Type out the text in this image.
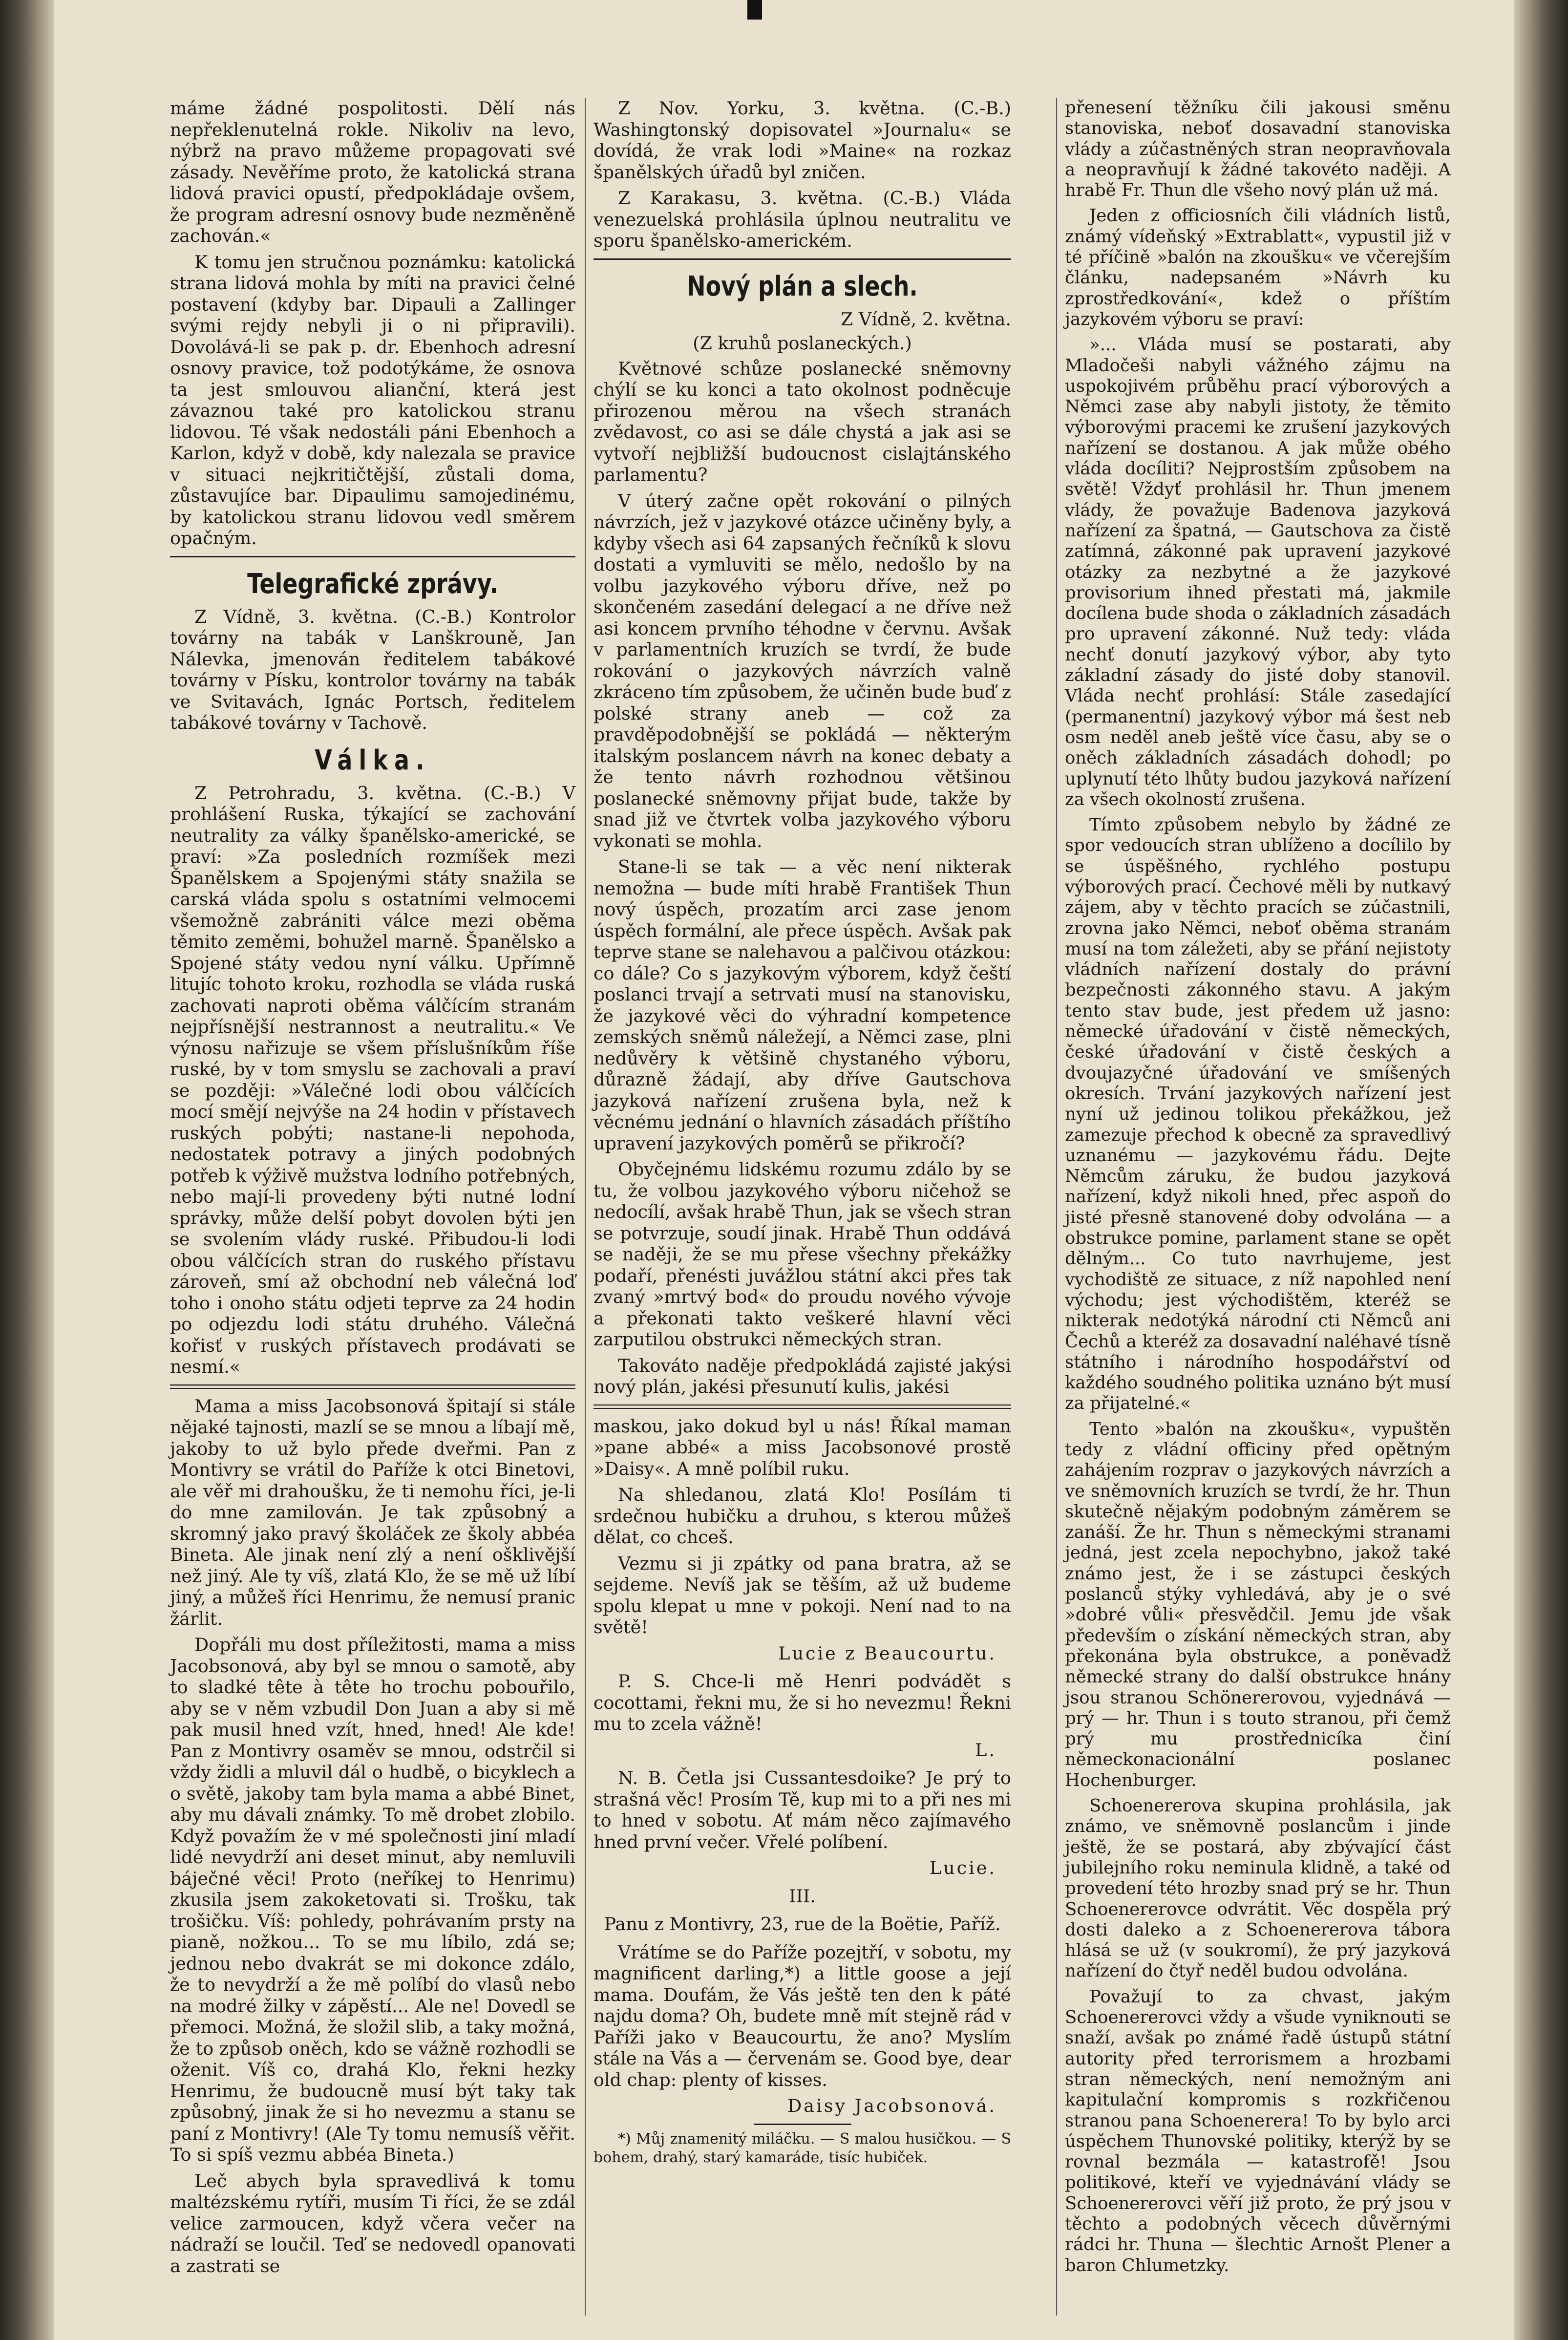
máme žádné pospolitosti. Dělí nás nepřeklenutelná rokle. Nikoliv na levo, nýbrž na pravo můžeme propagovati své zásady. Nevěříme proto, že katolická strana lidová pravici opustí, předpokládaje ovšem, že program adresní osnovy bude nezměněně zachován.«

K tomu jen stručnou poznámku: katolická strana lidová mohla by míti na pravici čelné postavení (kdyby bar. Dipauli a Zallinger svými rejdy nebyli ji o ni připravili). Dovolává-li se pak p. dr. Ebenhoch adresní osnovy pravice, tož podotýkáme, že osnova ta jest smlouvou alianční, která jest závaznou také pro katolickou stranu lidovou. Té však nedostáli páni Ebenhoch a Karlon, když v době, kdy nalezala se pravice v situaci nejkritičtější, zůstali doma, zůstavujíce bar. Dipaulimu samojedinému, by katolickou stranu lidovou vedl směrem opačným.

Telegrafické zprávy.

Z Vídně, 3. května. (C.-B.) Kontrolor továrny na tabák v Lanškrouně, Jan Nálevka, jmenován ředitelem tabákové továrny v Písku, kontrolor továrny na tabák ve Svitavách, Ignác Portsch, ředitelem tabákové továrny v Tachově.

Válka.

Z Petrohradu, 3. května. (C.-B.) V prohlášení Ruska, týkající se zachování neutrality za války španělsko-americké, se praví: »Za posledních rozmíšek mezi Španělskem a Spojenými státy snažila se carská vláda spolu s ostatními velmocemi všemožně zabrániti válce mezi oběma těmito zeměmi, bohužel marně. Španělsko a Spojené státy vedou nyní válku. Upřímně litujíc tohoto kroku, rozhodla se vláda ruská zachovati naproti oběma válčícím stranám nejpřísnější nestrannost a neutralitu.« Ve výnosu nařizuje se všem příslušníkům říše ruské, by v tom smyslu se zachovali a praví se později: »Válečné lodi obou válčících mocí smějí nejvýše na 24 hodin v přístavech ruských pobýti; nastane-li nepohoda, nedostatek potravy a jiných podobných potřeb k výživě mužstva lodního potřebných, nebo mají-li provedeny býti nutné lodní správky, může delší pobyt dovolen býti jen se svolením vlády ruské. Přibudou-li lodi obou válčících stran do ruského přístavu zároveň, smí až obchodní neb válečná loď toho i onoho státu odjeti teprve za 24 hodin po odjezdu lodi státu druhého. Válečná kořisť v ruských přístavech prodávati se nesmí.«

Mama a miss Jacobsonová špitají si stále nějaké tajnosti, mazlí se se mnou a líbají mě, jakoby to už bylo přede dveřmi. Pan z Montivry se vrátil do Paříže k otci Binetovi, ale věř mi drahoušku, že ti nemohu říci, je-li do mne zamilován. Je tak způsobný a skromný jako pravý školáček ze školy abbéa Bineta. Ale jinak není zlý a není ošklivější než jiný. Ale ty víš, zlatá Klo, že se mě už líbí jiný, a můžeš říci Henrimu, že nemusí pranic žárlit.

Dopřáli mu dost příležitosti, mama a miss Jacobsonová, aby byl se mnou o samotě, aby to sladké tête à tête ho trochu pobouřilo, aby se v něm vzbudil Don Juan a aby si mě pak musil hned vzít, hned, hned! Ale kde! Pan z Montivry osaměv se mnou, odstrčil si vždy židli a mluvil dál o hudbě, o bicyklech a o světě, jakoby tam byla mama a abbé Binet, aby mu dávali známky. To mě drobet zlobilo. Když považím že v mé společnosti jiní mladí lidé nevydrží ani deset minut, aby nemluvili báječné věci! Proto (neříkej to Henrimu) zkusila jsem zakoketovati si. Trošku, tak trošičku. Víš: pohledy, pohrávaním prsty na pianě, nožkou... To se mu líbilo, zdá se; jednou nebo dvakrát se mi dokonce zdálo, že to nevydrží a že mě políbí do vlasů nebo na modré žilky v zápěstí... Ale ne! Dovedl se přemoci. Možná, že složil slib, a taky možná, že to způsob oněch, kdo se vážně rozhodli se oženit. Víš co, drahá Klo, řekni hezky Henrimu, že budoucně musí být taky tak způsobný, jinak že si ho nevezmu a stanu se paní z Montivry! (Ale Ty tomu nemusíš věřit. To si spíš vezmu abbéa Bineta.)

Leč abych byla spravedlivá k tomu maltézskému rytíři, musím Ti říci, že se zdál velice zarmoucen, když včera večer na nádraží se loučil. Teď se nedovedl opanovati a zastrati se

Z Nov. Yorku, 3. května. (C.-B.) Washingtonský dopisovatel »Journalu« se dovídá, že vrak lodi »Maine« na rozkaz španělských úřadů byl zničen.

Z Karakasu, 3. května. (C.-B.) Vláda venezuelská prohlásila úplnou neutralitu ve sporu španělsko-americkém.

Nový plán a slech.
Z Vídně, 2. května.
(Z kruhů poslaneckých.)

Květnové schůze poslanecké sněmovny chýlí se ku konci a tato okolnost podněcuje přirozenou měrou na všech stranách zvědavost, co asi se dále chystá a jak asi se vytvoří nejbližší budoucnost cislajtánského parlamentu?

V úterý začne opět rokování o pilných návrzích, jež v jazykové otázce učiněny byly, a kdyby všech asi 64 zapsaných řečníků k slovu dostati a vymluviti se mělo, nedošlo by na volbu jazykového výboru dříve, než po skončeném zasedání delegací a ne dříve než asi koncem prvního téhodne v červnu. Avšak v parlamentních kruzích se tvrdí, že bude rokování o jazykových návrzích valně zkráceno tím způsobem, že učiněn bude buď z polské strany aneb — což za pravděpodobnější se pokládá — některým italským poslancem návrh na konec debaty a že tento návrh rozhodnou většinou poslanecké sněmovny přijat bude, takže by snad již ve čtvrtek volba jazykového výboru vykonati se mohla.

Stane-li se tak — a věc není nikterak nemožna — bude míti hrabě František Thun nový úspěch, prozatím arci zase jenom úspěch formální, ale přece úspěch. Avšak pak teprve stane se nalehavou a palčivou otázkou: co dále? Co s jazykovým výborem, když čeští poslanci trvají a setrvati musí na stanovisku, že jazykové věci do výhradní kompetence zemských sněmů náležejí, a Němci zase, plni nedůvěry k většině chystaného výboru, důrazně žádají, aby dříve Gautschova jazyková nařízení zrušena byla, než k věcnému jednání o hlavních zásadách příštího upravení jazykových poměrů se přikročí?

Obyčejnému lidskému rozumu zdálo by se tu, že volbou jazykového výboru ničehož se nedocílí, avšak hrabě Thun, jak se všech stran se potvrzuje, soudí jinak. Hrabě Thun oddává se naději, že se mu přese všechny překážky podaří, přenésti juvážlou státní akci přes tak zvaný »mrtvý bod« do proudu nového vývoje a překonati takto veškeré hlavní věci zarputilou obstrukci německých stran.

Takováto naděje předpokládá zajisté jakýsi nový plán, jakési přesunutí kulis, jakési

maskou, jako dokud byl u nás! Říkal maman »pane abbé« a miss Jacobsonové prostě »Daisy«. A mně políbil ruku.

Na shledanou, zlatá Klo! Posílám ti srdečnou hubičku a druhou, s kterou můžeš dělat, co chceš.

Vezmu si ji zpátky od pana bratra, až se sejdeme. Nevíš jak se těším, až už budeme spolu klepat u mne v pokoji. Není nad to na světě!

Lucie z Beaucourtu.

P. S. Chce-li mě Henri podvádět s cocottami, řekni mu, že si ho nevezmu! Řekni mu to zcela vážně!

L.

N. B. Četla jsi Cussantesdoike? Je prý to strašná věc! Prosím Tě, kup mi to a při nes mi to hned v sobotu. Ať mám něco zajímavého hned první večer. Vřelé políbení.

Lucie.
III.
Panu z Montivry, 23, rue de la Boëtie, Paříž.

Vrátíme se do Paříže pozejtří, v sobotu, my magnificent darling,*) a little goose a její mama. Doufám, že Vás ještě ten den k páté najdu doma? Oh, budete mně mít stejně rád v Paříži jako v Beaucourtu, že ano? Myslím stále na Vás a — červenám se. Good bye, dear old chap: plenty of kisses.

Daisy Jacobsonová.

*) Můj znamenitý miláčku. — S malou husičkou. — S bohem, drahý, starý kamaráde, tisíc hubiček.

přenesení těžníku čili jakousi směnu stanoviska, neboť dosavadní stanoviska vlády a zúčastněných stran neopravňovala a neopravňují k žádné takovéto naději. A hrabě Fr. Thun dle všeho nový plán už má.

Jeden z officiosních čili vládních listů, známý vídeňský »Extrablatt«, vypustil již v té příčině »balón na zkoušku« ve včerejším článku, nadepsaném »Návrh ku zprostředkování«, kdež o příštím jazykovém výboru se praví:

»... Vláda musí se postarati, aby Mladočeši nabyli vážného zájmu na uspokojivém průběhu prací výborových a Němci zase aby nabyli jistoty, že těmito výborovými pracemi ke zrušení jazykových nařízení se dostanou. A jak může obého vláda docíliti? Nejprostším způsobem na světě! Vždyť prohlásil hr. Thun jmenem vlády, že považuje Badenova jazyková nařízení za špatná, — Gautschova za čistě zatímná, zákonné pak upravení jazykové otázky za nezbytné a že jazykové provisorium ihned přestati má, jakmile docílena bude shoda o základních zásadách pro upravení zákonné. Nuž tedy: vláda nechť donutí jazykový výbor, aby tyto základní zásady do jisté doby stanovil. Vláda nechť prohlásí: Stále zasedající (permanentní) jazykový výbor má šest neb osm neděl aneb ještě více času, aby se o oněch základních zásadách dohodl; po uplynutí této lhůty budou jazyková nařízení za všech okolností zrušena.

Tímto způsobem nebylo by žádné ze spor vedoucích stran ublíženo a docílilo by se úspěšného, rychlého postupu výborových prací. Čechové měli by nutkavý zájem, aby v těchto pracích se zúčastnili, zrovna jako Němci, neboť oběma stranám musí na tom záležeti, aby se přání nejistoty vládních nařízení dostaly do právní bezpečnosti zákonného stavu. A jakým tento stav bude, jest předem už jasno: německé úřadování v čistě německých, české úřadování v čistě českých a dvoujazyčné úřadování ve smíšených okresích. Trvání jazykových nařízení jest nyní už jedinou tolikou překážkou, jež zamezuje přechod k obecně za spravedlivý uznanému — jazykovému řádu. Dejte Němcům záruku, že budou jazyková nařízení, když nikoli hned, přec aspoň do jisté přesně stanovené doby odvolána — a obstrukce pomine, parlament stane se opět dělným... Co tuto navrhujeme, jest vychodiště ze situace, z níž napohled není východu; jest východištěm, kteréž se nikterak nedotýká národní cti Němců ani Čechů a kteréž za dosavadní naléhavé tísně státního i národního hospodářství od každého soudného politika uznáno být musí za přijatelné.«

Tento »balón na zkoušku«, vypuštěn tedy z vládní officiny před opětným zahájením rozprav o jazykových návrzích a ve sněmovních kruzích se tvrdí, že hr. Thun skutečně nějakým podobným záměrem se zanáší. Že hr. Thun s německými stranami jedná, jest zcela nepochybno, jakož také známo jest, že i se zástupci českých poslanců stýky vyhledává, aby je o své »dobré vůli« přesvědčil. Jemu jde však především o získání německých stran, aby překonána byla obstrukce, a poněvadž německé strany do další obstrukce hnány jsou stranou Schönererovou, vyjednává — prý — hr. Thun i s touto stranou, při čemž prý mu prostřednicíka činí německonacionální poslanec Hochenburger.

Schoenererova skupina prohlásila, jak známo, ve sněmovně poslancům i jinde ještě, že se postará, aby zbývající část jubilejního roku neminula klidně, a také od provedení této hrozby snad prý se hr. Thun Schoenererovce odvrátit. Věc dospěla prý dosti daleko a z Schoenererova tábora hlásá se už (v soukromí), že prý jazyková nařízení do čtyř neděl budou odvolána.

Považují to za chvast, jakým Schoenererovci vždy a všude vyniknouti se snaží, avšak po známé řadě ústupů státní autority před terrorismem a hrozbami stran německých, není nemožným ani kapitulační kompromis s rozkřičenou stranou pana Schoenerera! To by bylo arci úspěchem Thunovské politiky, kterýž by se rovnal bezmála — katastrofě! Jsou politikové, kteří ve vyjednávání vlády se Schoenererovci věří již proto, že prý jsou v těchto a podobných věcech důvěrnými rádci hr. Thuna — šlechtic Arnošt Plener a baron Chlumetzky.
